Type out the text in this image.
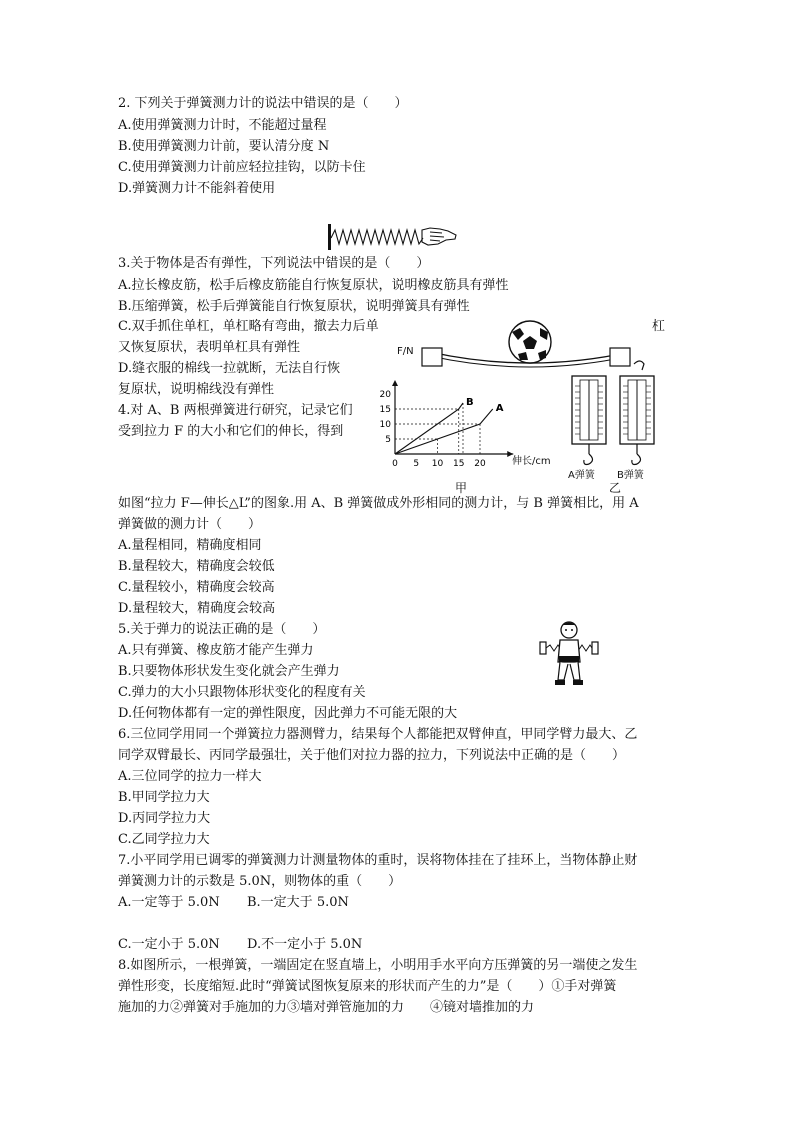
2. 下列关于弹簧测力计的说法中错误的是（　　）
A.使用弹簧测力计时，不能超过量程
B.使用弹簧测力计前，要认清分度 N
C.使用弹簧测力计前应轻拉挂钩，以防卡住
D.弹簧测力计不能斜着使用
3.关于物体是否有弹性，下列说法中错误的是（　　）
A.拉长橡皮筋，松手后橡皮筋能自行恢复原状，说明橡皮筋具有弹性
B.压缩弹簧，松手后弹簧能自行恢复原状，说明弹簧具有弹性
C.双手抓住单杠，单杠略有弯曲，撤去力后单	杠
又恢复原状，表明单杠具有弹性
D.缝衣服的棉线一拉就断，无法自行恢
复原状，说明棉线没有弹性
4.对 A、B 两根弹簧进行研究，记录它们
受到拉力 F 的大小和它们的伸长，得到
0 5 10 15 20
5
10
15
20
A
B
F/N
伸长/cm
甲
A弹簧 B弹簧
乙
如图“拉力 F—伸长△L”的图象.用 A、B 弹簧做成外形相同的测力计，与 B 弹簧相比，用 A
弹簧做的测力计（　　）
A.量程相同，精确度相同
B.量程较大，精确度会较低
C.量程较小，精确度会较高
D.量程较大，精确度会较高
5.关于弹力的说法正确的是（　　）
A.只有弹簧、橡皮筋才能产生弹力
B.只要物体形状发生变化就会产生弹力
C.弹力的大小只跟物体形状变化的程度有关
D.任何物体都有一定的弹性限度，因此弹力不可能无限的大
6.三位同学用同一个弹簧拉力器测臂力，结果每个人都能把双臂伸直，甲同学臂力最大、乙
同学双臂最长、丙同学最强壮，关于他们对拉力器的拉力，下列说法中正确的是（　　）
A.三位同学的拉力一样大
B.甲同学拉力大
D.丙同学拉力大
C.乙同学拉力大
7.小平同学用已调零的弹簧测力计测量物体的重时，误将物体挂在了挂环上，当物体静止财
弹簧测力计的示数是 5.0N，则物体的重（　　）
A.一定等于 5.0N B.一定大于 5.0N
C.一定小于 5.0N D.不一定小于 5.0N
8.如图所示，一根弹簧，一端固定在竖直墙上，小明用手水平向方压弹簧的另一端使之发生
弹性形变，长度缩短.此时“弹簧试图恢复原来的形状而产生的力”是（　　）①手对弹簧
施加的力②弹簧对手施加的力③墙对弹管施加的力　　④镜对墙推加的力
